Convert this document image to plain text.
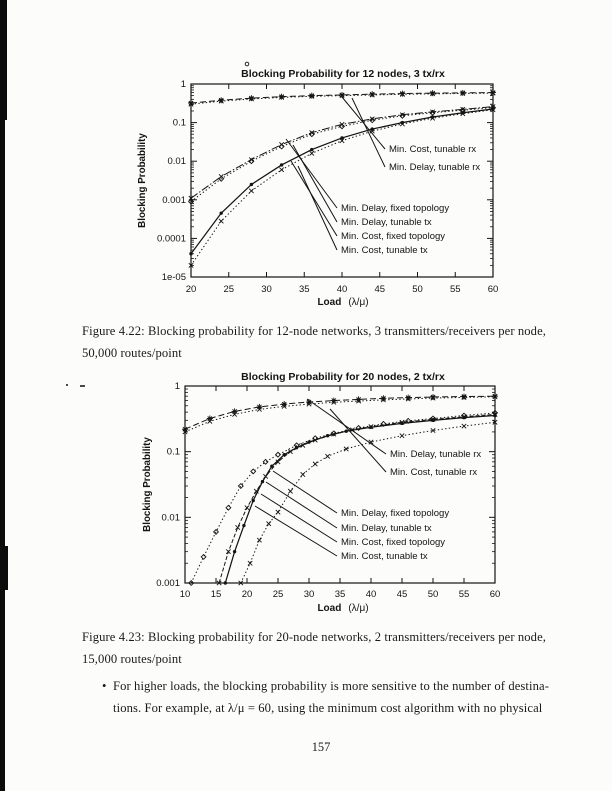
20	25	30	35	40	45	50	55	60
1
0.1
0.01
0.001
0.0001
1e-05
Min. Cost, tunable rx
Min. Delay, tunable rx
Min. Delay, fixed topology
Min. Delay, tunable tx
Min. Cost, fixed topology
Min. Cost, tunable tx
Blocking Probability for 12 nodes, 3 tx/rx
Load (λ/μ)
Blocking Probability
10 15 20 25 30 35 40 45 50 55 60
1
0.1
0.01
0.001
Min. Delay, tunable rx
Min. Cost, tunable rx
Min. Delay, fixed topology
Min. Delay, tunable tx
Min. Cost, fixed topology
Min. Cost, tunable tx
Blocking Probability for 20 nodes, 2 tx/rx
Load (λ/μ)
Blocking Probability
Figure 4.22: Blocking probability for 12-node networks, 3 transmitters/receivers per node,
50,000 routes/point
Figure 4.23: Blocking probability for 20-node networks, 2 transmitters/receivers per node,
15,000 routes/point
• For higher loads, the blocking probability is more sensitive to the number of destina-
tions. For example, at λ/μ = 60, using the minimum cost algorithm with no physical
157
